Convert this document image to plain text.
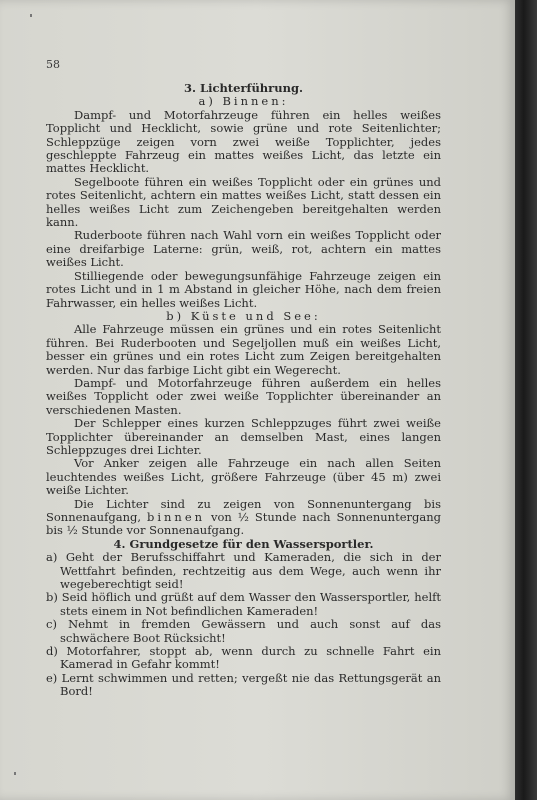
58

3. Lichterführung.

a) Binnen:

Dampf- und Motorfahrzeuge führen ein helles weißes Topplicht und Hecklicht, sowie grüne und rote Seitenlichter; Schleppzüge zeigen vorn zwei weiße Topplichter, jedes geschleppte Fahrzeug ein mattes weißes Licht, das letzte ein mattes Hecklicht.

Segelboote führen ein weißes Topplicht oder ein grünes und rotes Seitenlicht, achtern ein mattes weißes Licht, statt dessen ein helles weißes Licht zum Zeichengeben bereitgehalten werden kann.

Ruderboote führen nach Wahl vorn ein weißes Topplicht oder eine dreifarbige Laterne: grün, weiß, rot, achtern ein mattes weißes Licht.

Stilliegende oder bewegungsunfähige Fahrzeuge zeigen ein rotes Licht und in 1 m Abstand in gleicher Höhe, nach dem freien Fahrwasser, ein helles weißes Licht.

b) Küste und See:

Alle Fahrzeuge müssen ein grünes und ein rotes Seitenlicht führen. Bei Ruderbooten und Segeljollen muß ein weißes Licht, besser ein grünes und ein rotes Licht zum Zeigen bereitgehalten werden. Nur das farbige Licht gibt ein Wegerecht.

Dampf- und Motorfahrzeuge führen außerdem ein helles weißes Topplicht oder zwei weiße Topplichter übereinander an verschiedenen Masten.

Der Schlepper eines kurzen Schleppzuges führt zwei weiße Topplichter übereinander an demselben Mast, eines langen Schleppzuges drei Lichter.

Vor Anker zeigen alle Fahrzeuge ein nach allen Seiten leuchtendes weißes Licht, größere Fahrzeuge (über 45 m) zwei weiße Lichter.

Die Lichter sind zu zeigen von Sonnenuntergang bis Sonnenaufgang, binnen von ½ Stunde nach Sonnenuntergang bis ½ Stunde vor Sonnenaufgang.

4. Grundgesetze für den Wassersportler.

a) Geht der Berufsschiffahrt und Kameraden, die sich in der Wettfahrt befinden, rechtzeitig aus dem Wege, auch wenn ihr wegeberechtigt seid!

b) Seid höflich und grüßt auf dem Wasser den Wassersportler, helft stets einem in Not befindlichen Kameraden!

c) Nehmt in fremden Gewässern und auch sonst auf das schwächere Boot Rücksicht!

d) Motorfahrer, stoppt ab, wenn durch zu schnelle Fahrt ein Kamerad in Gefahr kommt!

e) Lernt schwimmen und retten; vergeßt nie das Rettungsgerät an Bord!
